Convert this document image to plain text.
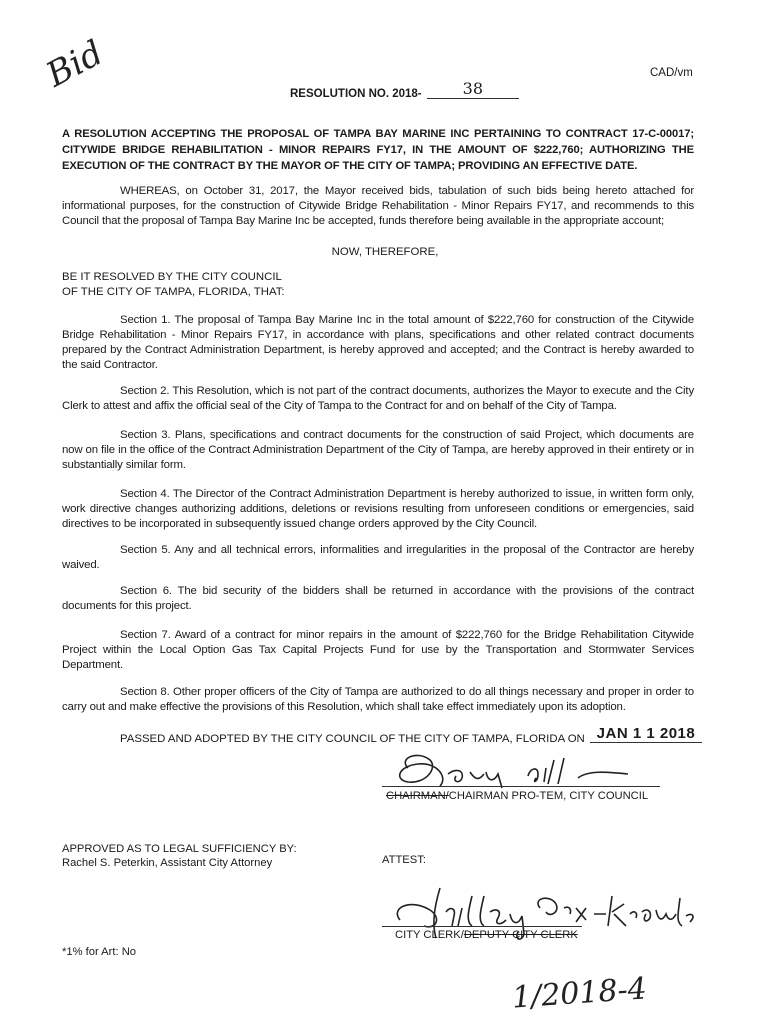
Bid	CAD/vm
RESOLUTION NO. 2018-	38
A RESOLUTION ACCEPTING THE PROPOSAL OF TAMPA BAY MARINE INC PERTAINING TO CONTRACT 17-C-00017; CITYWIDE BRIDGE REHABILITATION - MINOR REPAIRS FY17, IN THE AMOUNT OF $222,760; AUTHORIZING THE EXECUTION OF THE CONTRACT BY THE MAYOR OF THE CITY OF TAMPA; PROVIDING AN EFFECTIVE DATE.
WHEREAS, on October 31, 2017, the Mayor received bids, tabulation of such bids being hereto attached for informational purposes, for the construction of Citywide Bridge Rehabilitation - Minor Repairs FY17, and recommends to this Council that the proposal of Tampa Bay Marine Inc be accepted, funds therefore being available in the appropriate account;
NOW, THEREFORE,
BE IT RESOLVED BY THE CITY COUNCIL
OF THE CITY OF TAMPA, FLORIDA, THAT:
Section 1. The proposal of Tampa Bay Marine Inc in the total amount of $222,760 for construction of the Citywide Bridge Rehabilitation - Minor Repairs FY17, in accordance with plans, specifications and other related contract documents prepared by the Contract Administration Department, is hereby approved and accepted; and the Contract is hereby awarded to the said Contractor.
Section 2. This Resolution, which is not part of the contract documents, authorizes the Mayor to execute and the City Clerk to attest and affix the official seal of the City of Tampa to the Contract for and on behalf of the City of Tampa.
Section 3. Plans, specifications and contract documents for the construction of said Project, which documents are now on file in the office of the Contract Administration Department of the City of Tampa, are hereby approved in their entirety or in substantially similar form.
Section 4. The Director of the Contract Administration Department is hereby authorized to issue, in written form only, work directive changes authorizing additions, deletions or revisions resulting from unforeseen conditions or emergencies, said directives to be incorporated in subsequently issued change orders approved by the City Council.
Section 5. Any and all technical errors, informalities and irregularities in the proposal of the Contractor are hereby waived.
Section 6. The bid security of the bidders shall be returned in accordance with the provisions of the contract documents for this project.
Section 7. Award of a contract for minor repairs in the amount of $222,760 for the Bridge Rehabilitation Citywide Project within the Local Option Gas Tax Capital Projects Fund for use by the Transportation and Stormwater Services Department.
Section 8. Other proper officers of the City of Tampa are authorized to do all things necessary and proper in order to carry out and make effective the provisions of this Resolution, which shall take effect immediately upon its adoption.
PASSED AND ADOPTED BY THE CITY COUNCIL OF THE CITY OF TAMPA, FLORIDA ON JAN 1 1 2018
CHAIRMAN/CHAIRMAN PRO-TEM, CITY COUNCIL
APPROVED AS TO LEGAL SUFFICIENCY BY:
Rachel S. Peterkin, Assistant City Attorney	ATTEST:
CITY CLERK/DEPUTY CITY CLERK
*1% for Art: No
1/2018-4
